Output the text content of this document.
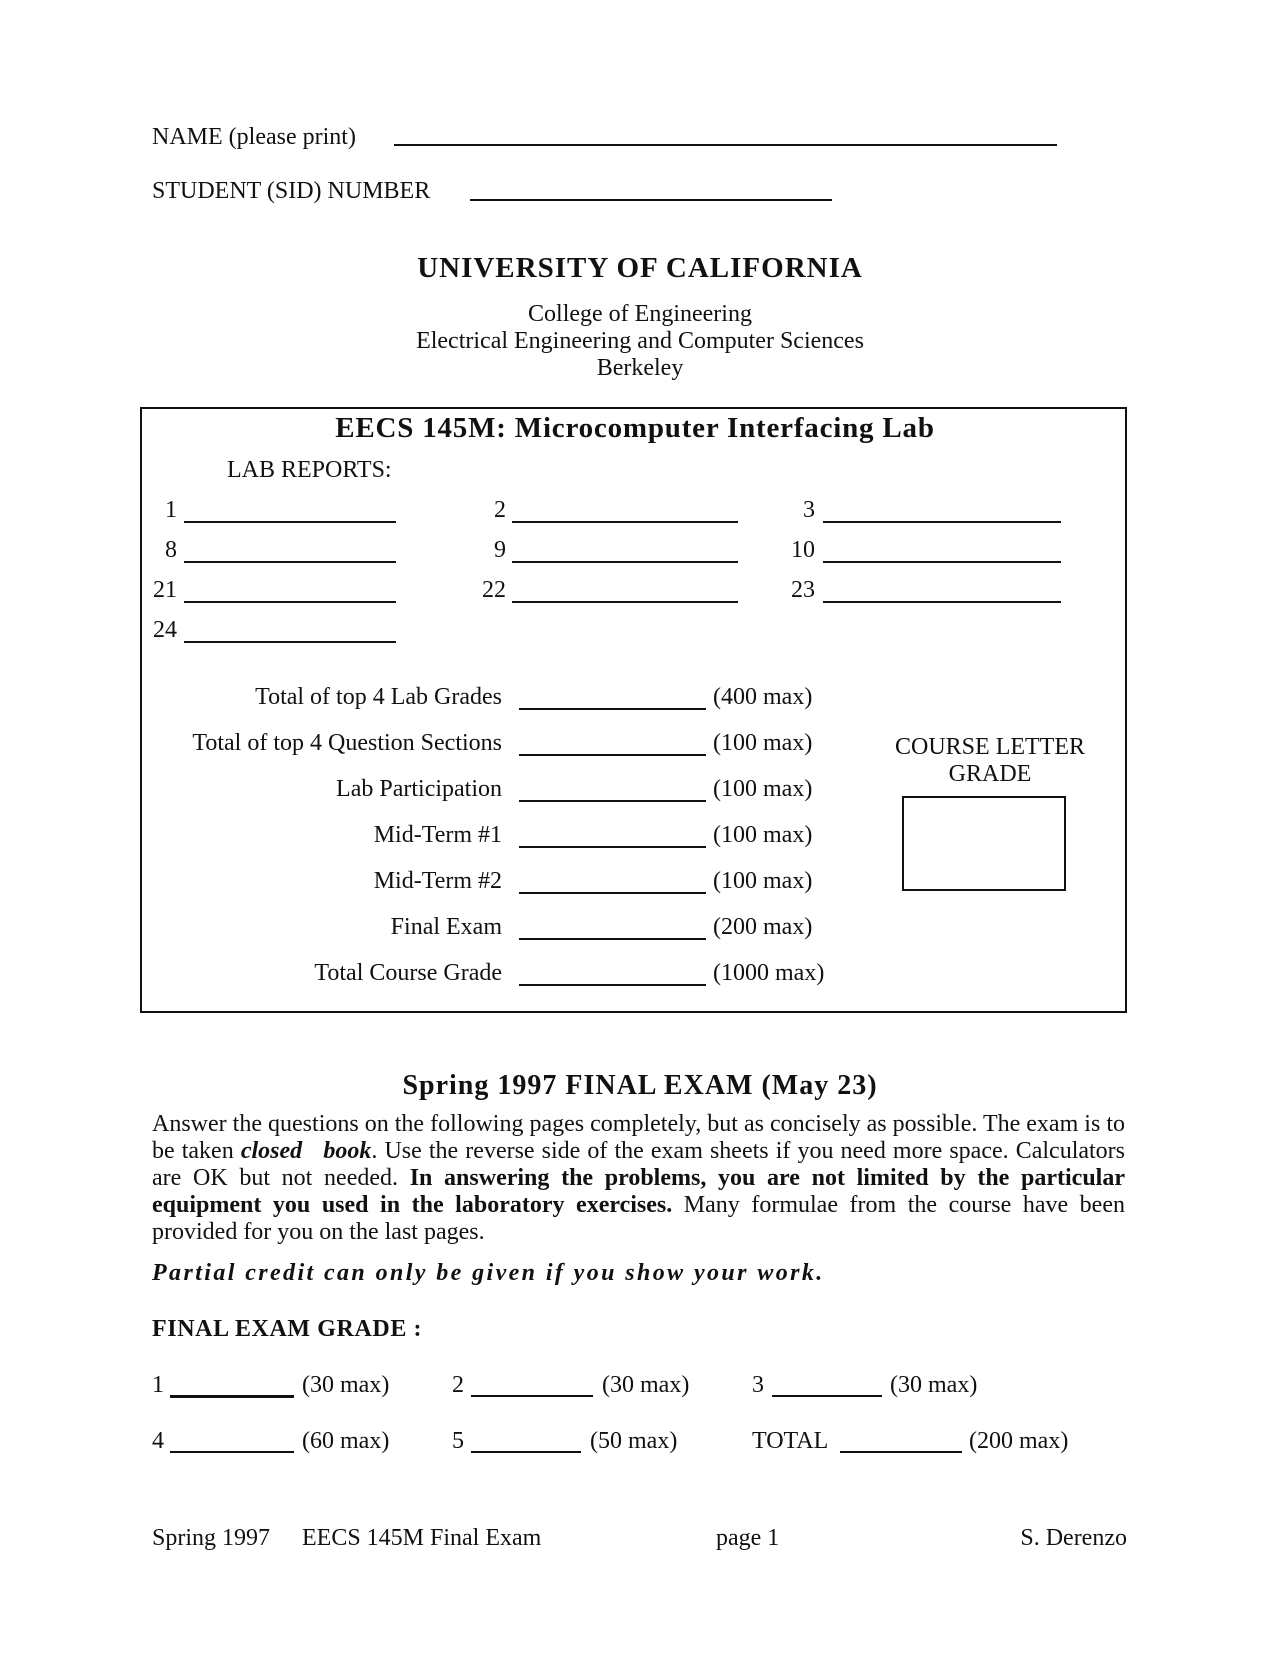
NAME (please print)
STUDENT (SID) NUMBER
UNIVERSITY OF CALIFORNIA
College of Engineering
Electrical Engineering and Computer Sciences
Berkeley
EECS 145M: Microcomputer Interfacing Lab
LAB REPORTS:
1	2	3
8	9	10
21	22	23
24
Total of top 4 Lab Grades	(400 max)
Total of top 4 Question Sections	(100 max)
Lab Participation	(100 max)
Mid-Term #1	(100 max)
Mid-Term #2	(100 max)
Final Exam	(200 max)
Total Course Grade	(1000 max)
COURSE LETTER
GRADE
Spring 1997 FINAL EXAM (May 23)
Answer the questions on the following pages completely, but as concisely as possible. The exam is to be taken closed book. Use the reverse side of the exam sheets if you need more space. Calculators are OK but not needed. In answering the problems, you are not limited by the particular equipment you used in the laboratory exercises. Many formulae from the course have been provided for you on the last pages.
Partial credit can only be given if you show your work.
FINAL EXAM GRADE :
1	(30 max)	2	(30 max)	3	(30 max)
4	(60 max)	5	(50 max)	TOTAL	(200 max)
Spring 1997 EECS 145M Final Exam	page 1	S. Derenzo
